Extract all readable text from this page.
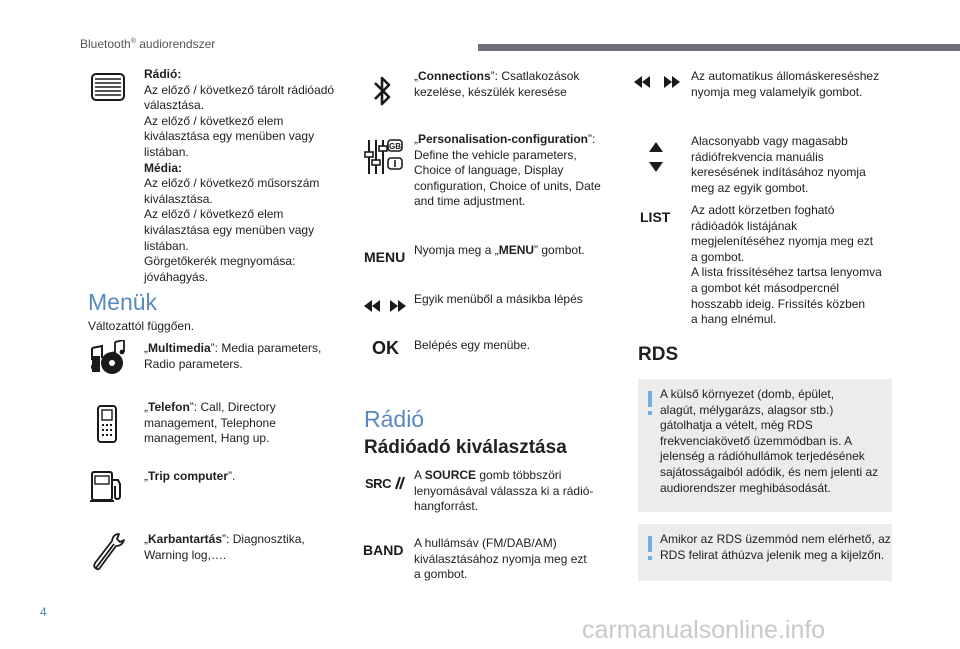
Bluetooth® audiorendszer
Rádió:
Az előző / következő tárolt rádióadó
választása.
Az előző / következő elem
kiválasztása egy menüben vagy
listában.
Média:
Az előző / következő műsorszám
kiválasztása.
Az előző / következő elem
kiválasztása egy menüben vagy
listában.
Görgetőkerék megnyomása:
jóváhagyás.
Menük
Változattól függően.
„Multimedia”: Media parameters,
Radio parameters.
„Telefon”: Call, Directory
management, Telephone
management, Hang up.
„Trip computer”.
„Karbantartás”: Diagnosztika,
Warning log,….
„Connections”: Csatlakozások
kezelése, készülék keresése
GB
„Personalisation-configuration”:
Define the vehicle parameters,
Choice of language, Display
configuration, Choice of units, Date
and time adjustment.
MENU Nyomja meg a „MENU” gombot.
Egyik menüből a másikba lépés
OK Belépés egy menübe.
Rádió
Rádióadó kiválasztása
SRC
A SOURCE gomb többszöri
lenyomásával válassza ki a rádió-
hangforrást.
BAND A hullámsáv (FM/DAB/AM)
kiválasztásához nyomja meg ezt
a gombot.
Az automatikus állomáskereséshez
nyomja meg valamelyik gombot.
Alacsonyabb vagy magasabb
rádiófrekvencia manuális
keresésének indításához nyomja
meg az egyik gombot.
LIST Az adott körzetben fogható
rádióadók listájának
megjelenítéséhez nyomja meg ezt
a gombot.
A lista frissítéséhez tartsa lenyomva
a gombot két másodpercnél
hosszabb ideig. Frissítés közben
a hang elnémul.
RDS
A külső környezet (domb, épület,
alagút, mélygarázs, alagsor stb.)
gátolhatja a vételt, még RDS
frekvenciakövető üzemmódban is. A
jelenség a rádióhullámok terjedésének
sajátosságaiból adódik, és nem jelenti az
audiorendszer meghibásodását.
Amikor az RDS üzemmód nem elérhető, az
RDS felirat áthúzva jelenik meg a kijelzőn.
4
carmanualsonline.info
